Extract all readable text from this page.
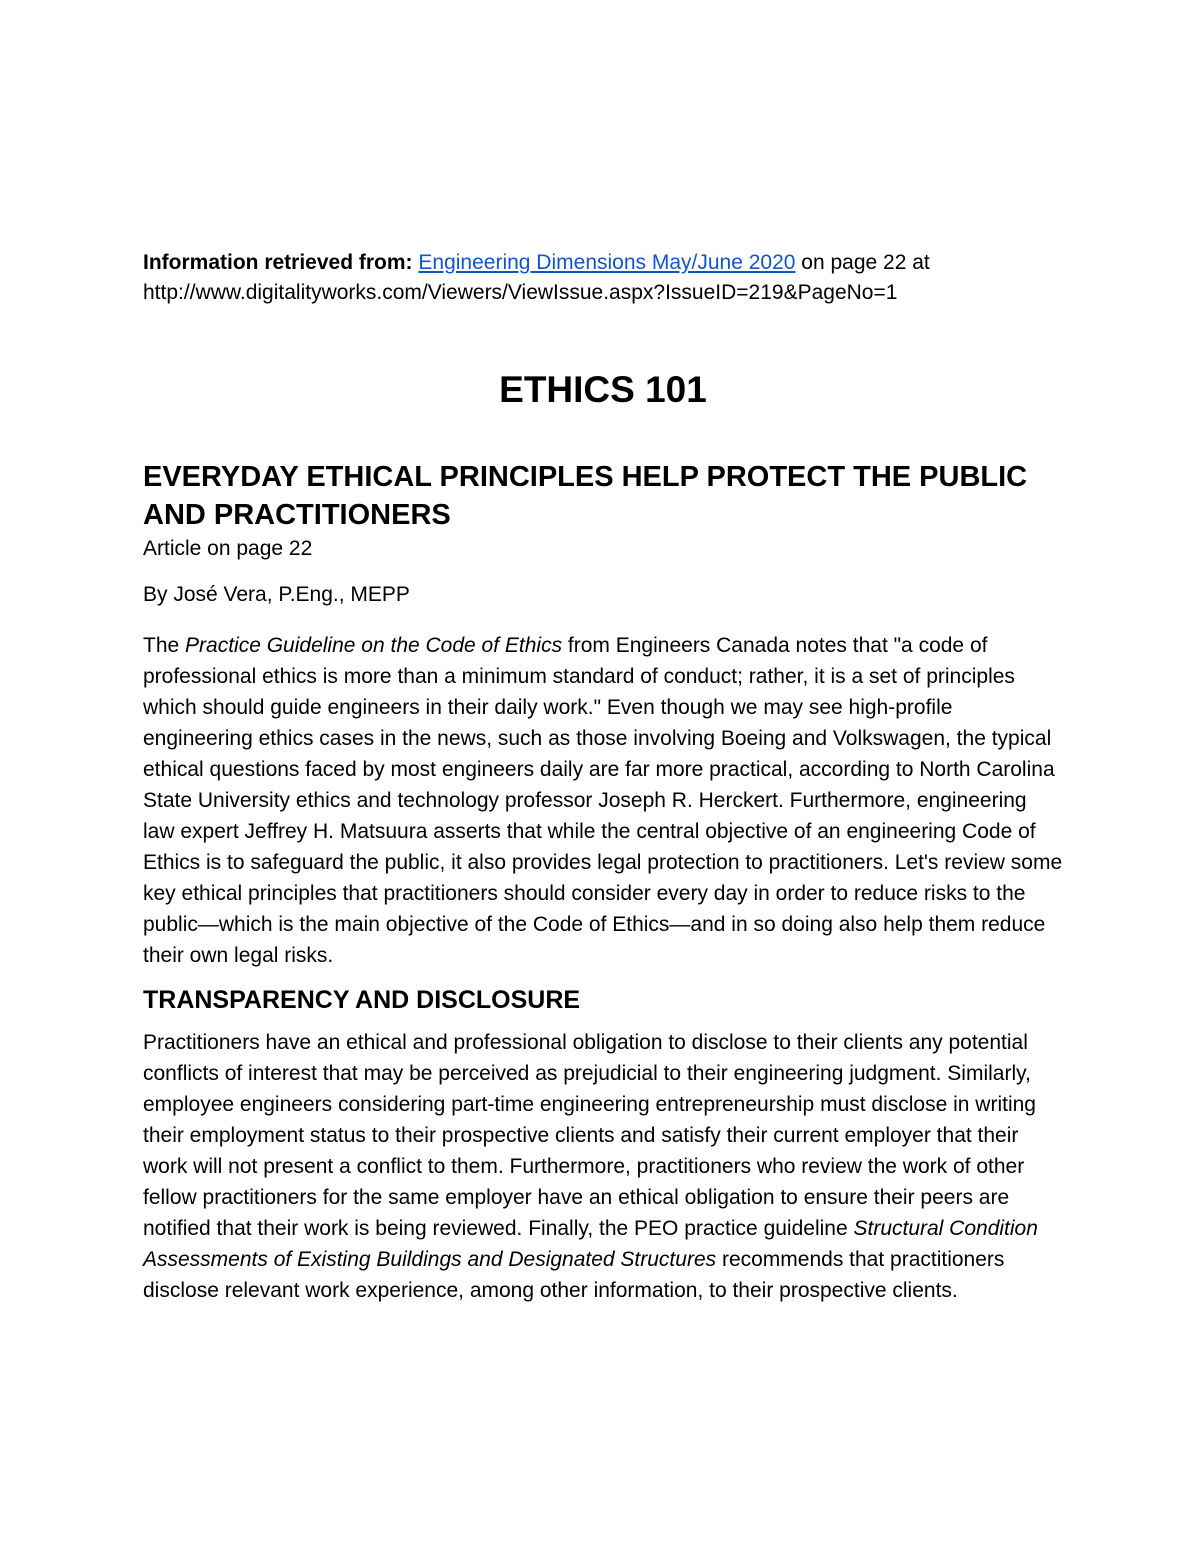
Information retrieved from: Engineering Dimensions May/June 2020 on page 22 at
http://www.digitalityworks.com/Viewers/ViewIssue.aspx?IssueID=219&PageNo=1

ETHICS 101
EVERYDAY ETHICAL PRINCIPLES HELP PROTECT THE PUBLIC AND PRACTITIONERS

Article on page 22

By José Vera, P.Eng., MEPP

The Practice Guideline on the Code of Ethics from Engineers Canada notes that "a code of professional ethics is more than a minimum standard of conduct; rather, it is a set of principles which should guide engineers in their daily work." Even though we may see high-profile engineering ethics cases in the news, such as those involving Boeing and Volkswagen, the typical ethical questions faced by most engineers daily are far more practical, according to North Carolina State University ethics and technology professor Joseph R. Herckert. Furthermore, engineering law expert Jeffrey H. Matsuura asserts that while the central objective of an engineering Code of Ethics is to safeguard the public, it also provides legal protection to practitioners. Let's review some key ethical principles that practitioners should consider every day in order to reduce risks to the public—which is the main objective of the Code of Ethics—and in so doing also help them reduce their own legal risks.

TRANSPARENCY AND DISCLOSURE

Practitioners have an ethical and professional obligation to disclose to their clients any potential conflicts of interest that may be perceived as prejudicial to their engineering judgment. Similarly, employee engineers considering part-time engineering entrepreneurship must disclose in writing their employment status to their prospective clients and satisfy their current employer that their work will not present a conflict to them. Furthermore, practitioners who review the work of other fellow practitioners for the same employer have an ethical obligation to ensure their peers are notified that their work is being reviewed. Finally, the PEO practice guideline Structural Condition Assessments of Existing Buildings and Designated Structures recommends that practitioners disclose relevant work experience, among other information, to their prospective clients.
